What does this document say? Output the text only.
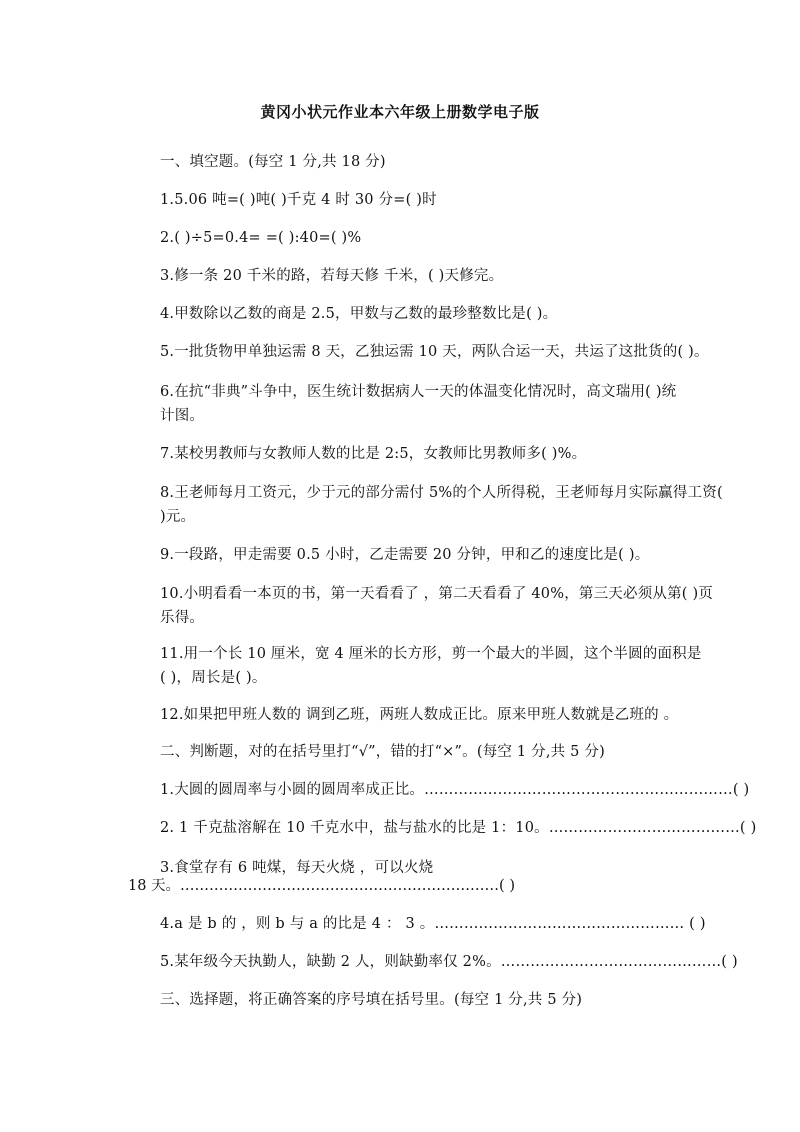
黄冈小状元作业本六年级上册数学电子版
一、填空题。(每空 1 分,共 18 分)
1.5.06 吨=( )吨( )千克 4 时 30 分=( )时
2.( )÷5=0.4= =( ):40=( )%
3.修一条 20 千米的路，若每天修 千米，( )天修完。
4.甲数除以乙数的商是 2.5，甲数与乙数的最珍整数比是( )。
5.一批货物甲单独运需 8 天，乙独运需 10 天，两队合运一天，共运了这批货的( )。
6.在抗“非典”斗争中，医生统计数据病人一天的体温变化情况时，高文瑞用( )统
计图。
7.某校男教师与女教师人数的比是 2:5，女教师比男教师多( )%。
8.王老师每月工资元，少于元的部分需付 5%的个人所得税，王老师每月实际赢得工资(
)元。
9.一段路，甲走需要 0.5 小时，乙走需要 20 分钟，甲和乙的速度比是( )。
10.小明看看一本页的书，第一天看看了 ，第二天看看了 40%，第三天必须从第( )页
乐得。
11.用一个长 10 厘米，宽 4 厘米的长方形，剪一个最大的半圆，这个半圆的面积是
( )，周长是( )。
12.如果把甲班人数的 调到乙班，两班人数成正比。原来甲班人数就是乙班的 。
二、判断题，对的在括号里打“√”，错的打“×”。(每空 1 分,共 5 分)
1.大圆的圆周率与小圆的圆周率成正比。………………………………………………………( )
2. 1 千克盐溶解在 10 千克水中，盐与盐水的比是 1：10。…………………………………( )
3.食堂存有 6 吨煤，每天火烧 ，可以火烧
18 天。…………………………………………………………( )
4.a 是 b 的 ，则 b 与 a 的比是 4 ： 3 。…………………………………………… ( )
5.某年级今天执勤人，缺勤 2 人，则缺勤率仅 2%。………………………………………( )
三、选择题，将正确答案的序号填在括号里。(每空 1 分,共 5 分)
